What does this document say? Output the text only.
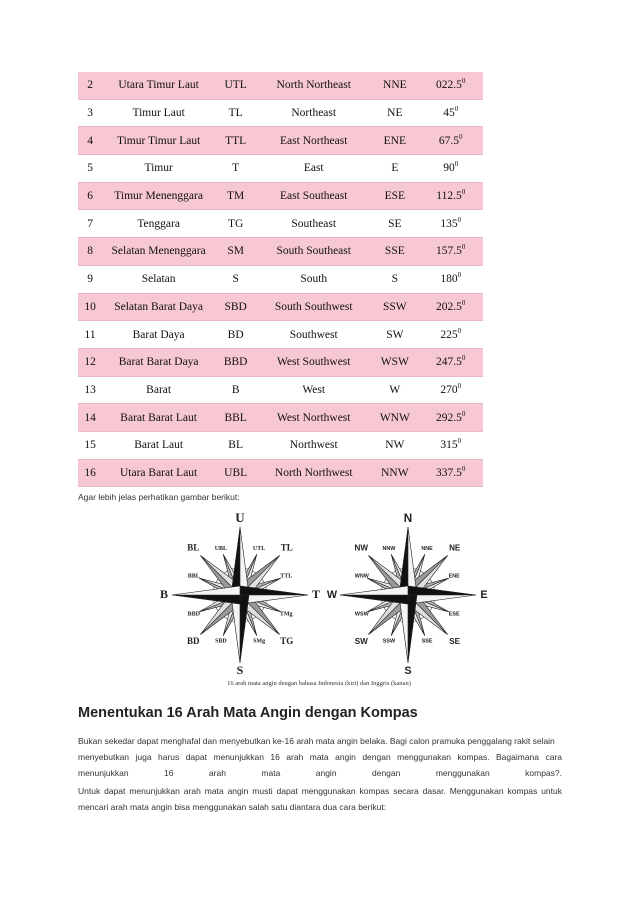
2	Utara Timur Laut	UTL	North Northeast	NNE	022.5$^0$
3	Timur Laut	TL	Northeast	NE	$45^0$
4	Timur Timur Laut	TTL	East Northeast	ENE	67.5$^0$
5	Timur	T	East	E	$90^0$
6	Timur Menenggara	TM	East Southeast	ESE	112.5$^0$
7	Tenggara	TG	Southeast	SE	$135^0$
8	Selatan Menenggara	SM	South Southeast	SSE	157.5$^0$
9	Selatan	S	South	S	$180^0$
10	Selatan Barat Daya	SBD	South Southwest	SSW	202.5$^0$
11	Barat Daya	BD	Southwest	SW	$225^0$
12	Barat Barat Daya	BBD	West Southwest	WSW	247.5$^0$
13	Barat	B	West	W	$270^0$
14	Barat Barat Laut	BBL	West Northwest	WNW	292.5$^0$
15	Barat Laut	BL	Northwest	NW	$315^0$
16	Utara Barat Laut	UBL	North Northwest	NNW	337.5$^0$
Agar lebih jelas perhatikan gambar berikut:
U
T
S
B
TL
TG
BD
BL	UTL
TTL
TMg
SMg
SBD
BBD
BBL
UBL
N
E
S
W
NE
SE
SW
NW	NNE
ENE
ESE
SSE
SSW
WSW
WNW
NNW
16 arah mata angin dengan bahasa Indonesia (kiri) dan Inggris (kanan)
Menentukan 16 Arah Mata Angin dengan Kompas
Bukan sekedar dapat menghafal dan menyebutkan ke-16 arah mata angin belaka. Bagi calon pramuka penggalang rakit selain
menyebutkan juga harus dapat menunjukkan 16 arah mata angin dengan menggunakan kompas. Bagaimana cara
menunjukkan 16 arah mata angin dengan menggunakan kompas?.
Untuk dapat menunjukkan arah mata angin musti dapat menggunakan kompas secara dasar. Menggunakan kompas untuk
mencari arah mata angin bisa menggunakan salah satu diantara dua cara berikut:
